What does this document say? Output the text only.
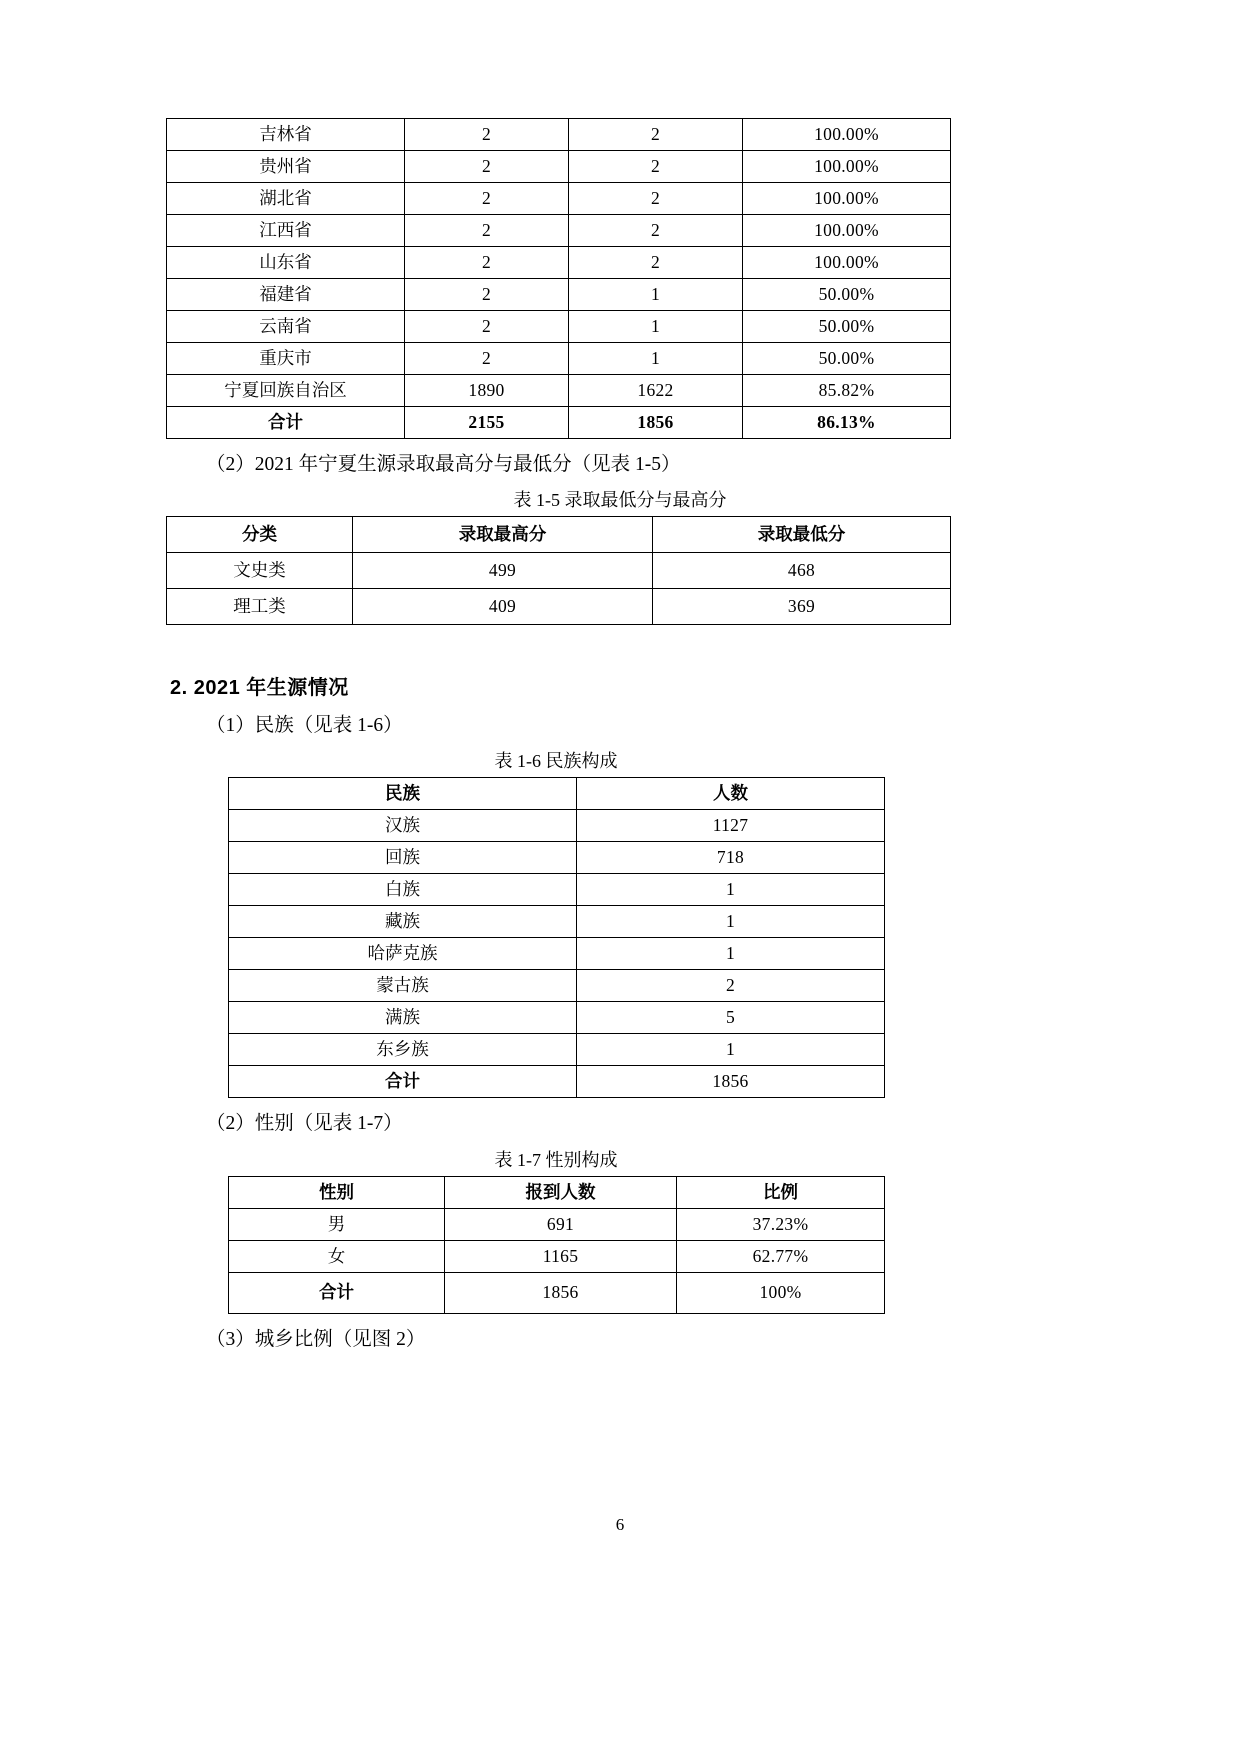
吉林省	2	2	100.00%
贵州省	2	2	100.00%
湖北省	2	2	100.00%
江西省	2	2	100.00%
山东省	2	2	100.00%
福建省	2	1	50.00%
云南省	2	1	50.00%
重庆市	2	1	50.00%
宁夏回族自治区	1890	1622	85.82%
合计	2155	1856	86.13%

（2）2021 年宁夏生源录取最高分与最低分（见表 1-5）

表 1-5 录取最低分与最高分
分类	录取最高分	录取最低分
文史类	499	468
理工类	409	369

2. 2021 年生源情况

（1）民族（见表 1-6）

表 1-6 民族构成
民族	人数
汉族	1127
回族	718
白族	1
藏族	1
哈萨克族	1
蒙古族	2
满族	5
东乡族	1
合计	1856

（2）性别（见表 1-7）

表 1-7 性别构成
性别	报到人数	比例
男	691	37.23%
女	1165	62.77%
合计	1856	100%

（3）城乡比例（见图 2）

6
